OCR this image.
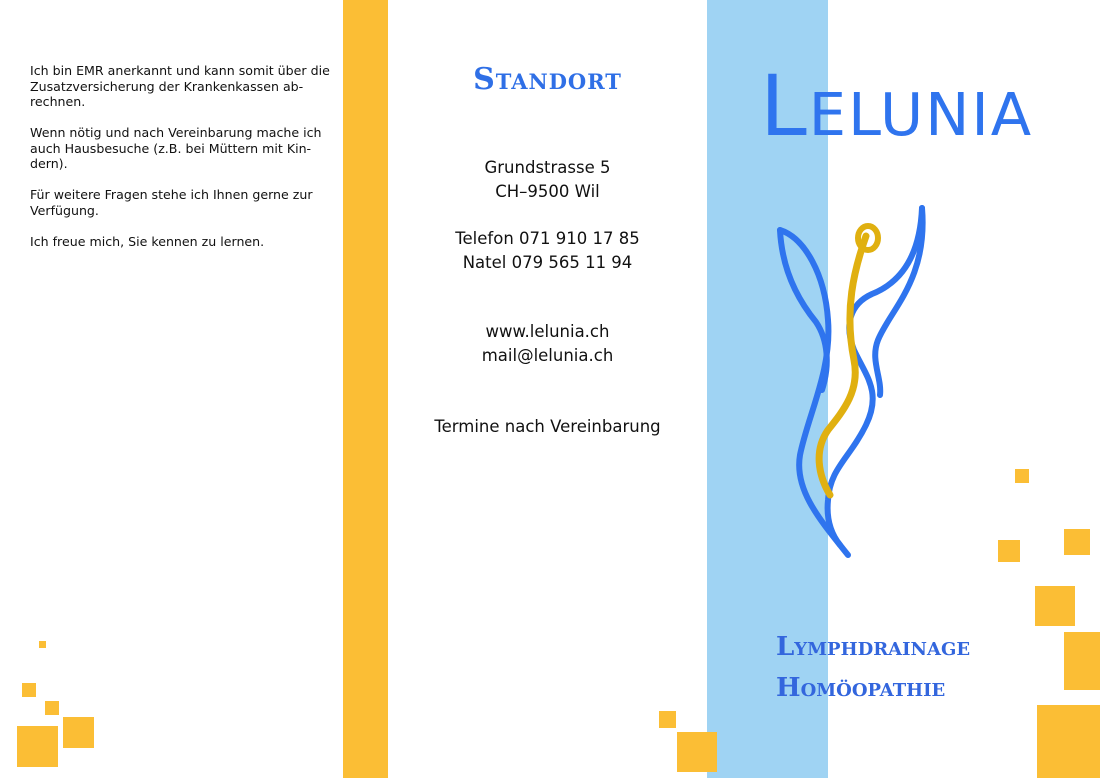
Ich bin EMR anerkannt und kann somit über die Zusatzversicherung der Krankenkassen ab-rechnen.

Wenn nötig und nach Vereinbarung mache ich auch Hausbesuche (z.B. bei Müttern mit Kin-dern).

Für weitere Fragen stehe ich Ihnen gerne zur Verfügung.

Ich freue mich, Sie kennen zu lernen.

Standort
Grundstrasse 5
CH–9500 Wil
Telefon 071 910 17 85
Natel 079 565 11 94
www.lelunia.ch
mail@lelunia.ch
Termine nach Vereinbarung
Lelunia
Lymphdrainage
Homöopathie
